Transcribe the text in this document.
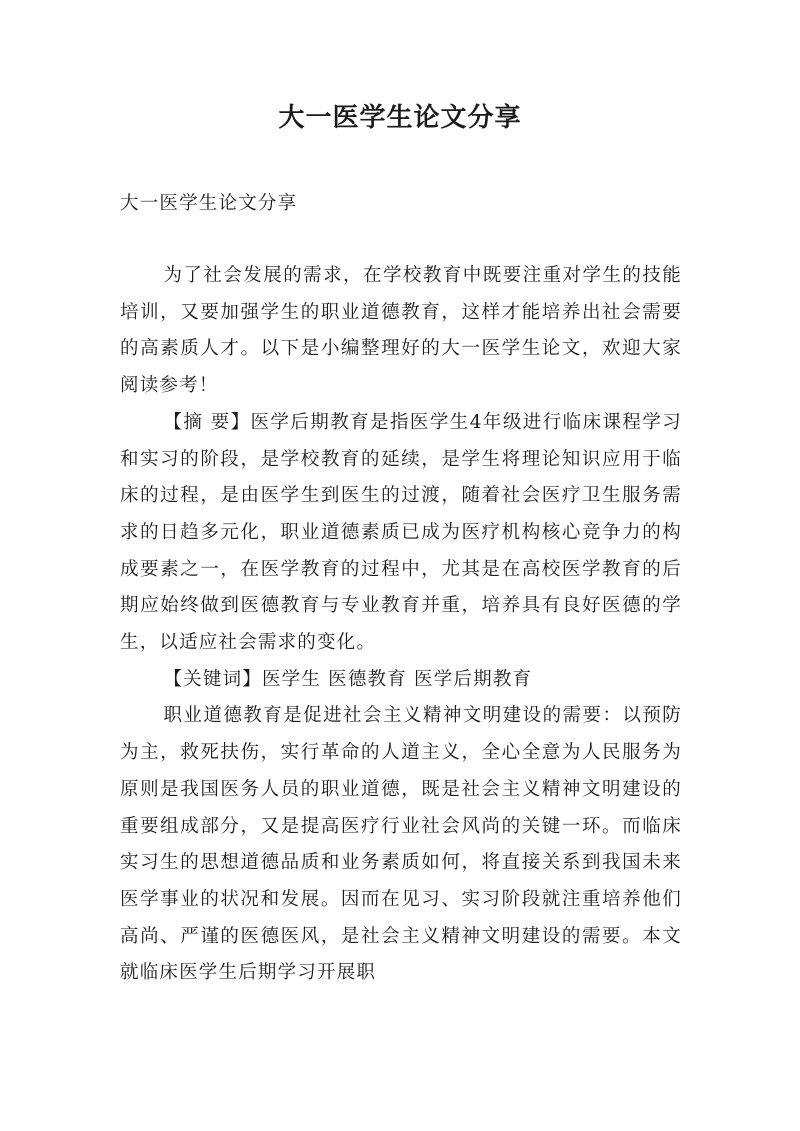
大一医学生论文分享
大一医学生论文分享

为了社会发展的需求，在学校教育中既要注重对学生的技能培训，又要加强学生的职业道德教育，这样才能培养出社会需要的高素质人才。以下是小编整理好的大一医学生论文，欢迎大家阅读参考！

【摘 要】医学后期教育是指医学生4年级进行临床课程学习和实习的阶段，是学校教育的延续，是学生将理论知识应用于临床的过程，是由医学生到医生的过渡，随着社会医疗卫生服务需求的日趋多元化，职业道德素质已成为医疗机构核心竞争力的构成要素之一，在医学教育的过程中，尤其是在高校医学教育的后期应始终做到医德教育与专业教育并重，培养具有良好医德的学生，以适应社会需求的变化。

【关键词】医学生 医德教育 医学后期教育

职业道德教育是促进社会主义精神文明建设的需要：以预防为主，救死扶伤，实行革命的人道主义，全心全意为人民服务为原则是我国医务人员的职业道德，既是社会主义精神文明建设的重要组成部分，又是提高医疗行业社会风尚的关键一环。而临床实习生的思想道德品质和业务素质如何，将直接关系到我国未来医学事业的状况和发展。因而在见习、实习阶段就注重培养他们高尚、严谨的医德医风，是社会主义精神文明建设的需要。本文就临床医学生后期学习开展职
